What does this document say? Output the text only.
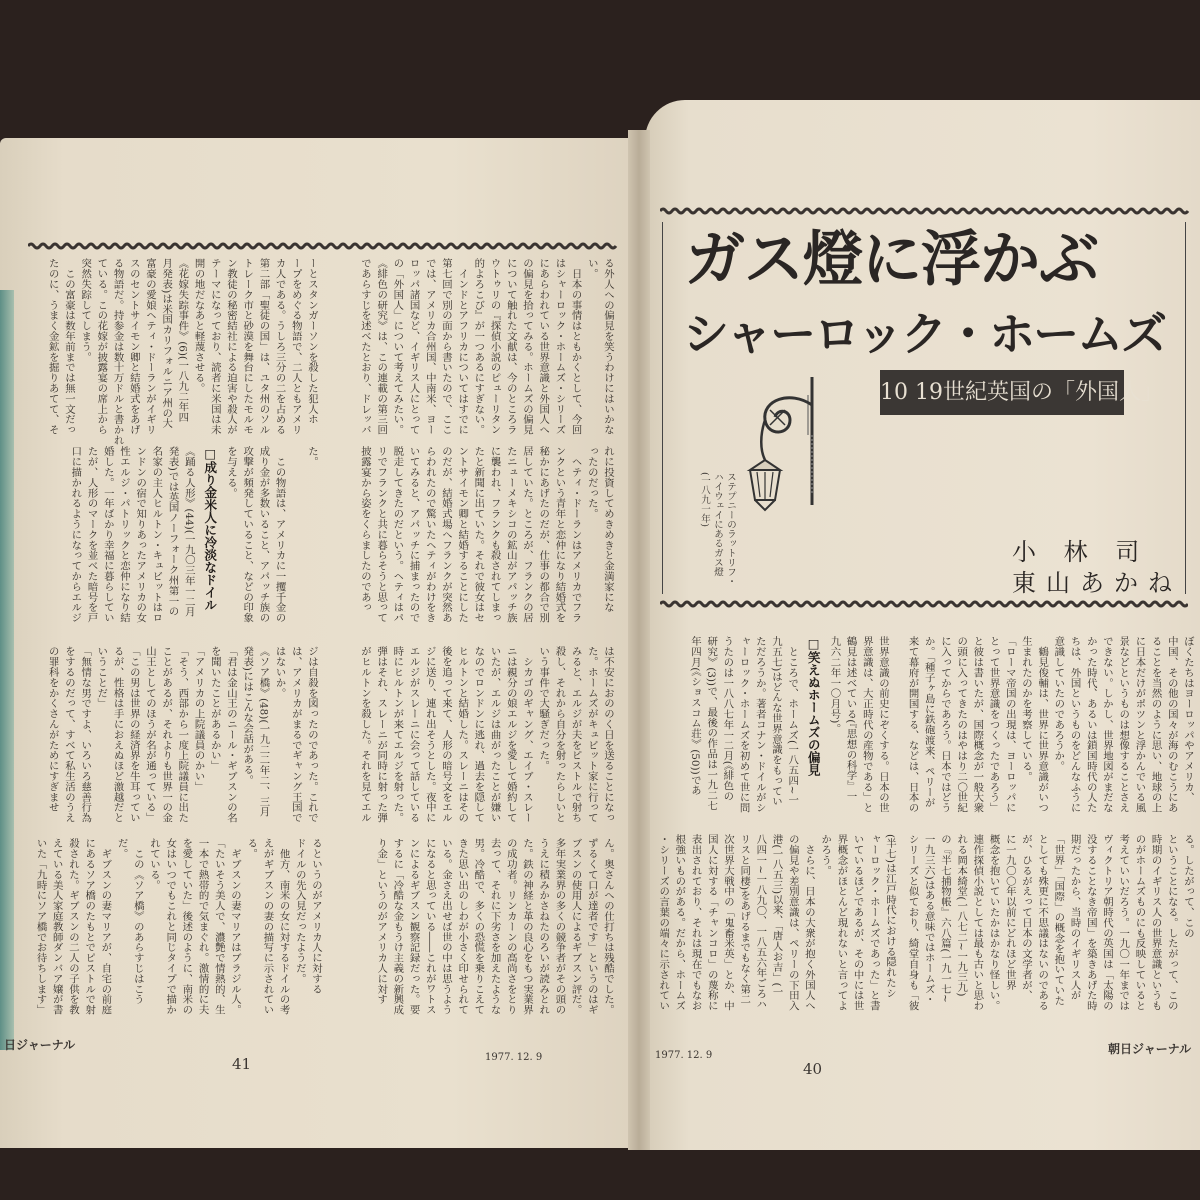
ガス燈に浮かぶ
シャーロック・ホームズ
10 19世紀英国の「外国人」
ステプニーのラットリフ・
ハイウェイにあるガス燈
(一八九一年)
小 林 司
東山あかね
る外人への偏見を笑うわけにはいかな
い。
　日本の事情はともかくとして、今回
はシャーロック・ホームズ・シリーズ
にあらわれている世界意識と外国人へ
の偏見を拾ってみる。ホームズの偏見
について触れた文献は、今のところラ
ウトゥリの『探偵小説のピューリタン
的よろこび』が一つあるにすぎない。
　インドとアフリカについてはすでに
第七回で別の面から書いたので、ここ
では、アメリカ合州国、中南米、ヨー
ロッパ諸国など、イギリス人にとって
の「外国人」について考えてみたい。
《緋色の研究》は、この連載の第三回
であらすじを述べたとおり、ドレッバ
ーとスタンガーソンを殺した犯人ホ
ープをめぐる物語で、二人ともアメリ
カ人である。うしろ三分の二を占める
第二部「聖徒の国」は、ユタ州のソル
トレーク市と砂漠を舞台にしたモルモ
ン教徒の秘密結社による迫害や殺人が
テーマになっており、読者に米国は未
開の地だなあと軽蔑させる。
《花嫁失踪事件》(6)(一八九二年四
月発表)は米国カリフォルニア州の大
富豪の愛娘ヘティ・ドーランがイギリ
スのセントサイモン卿と結婚式をあげ
る物語だ。持参金は数十万ドルと書かれ
ている。この花嫁が披露宴の席上から
突然失踪してしまう。
　この富豪は数年前までは無一文だっ
たのに、うまく金鉱を掘りあてて、そ
れに投資してめきめきと金満家にな
ったのだった。
　ヘティ・ドーランはアメリカでフラ
ンクという青年と恋仲になり結婚式を
秘かにあげたのだが、仕事の都合で別
居していた。ところが、フランクの居
たニューメキシコの鉱山がアパッチ族
に襲われ、フランクも殺されてしまっ
たと新聞に出ていた。それで彼女はセ
ントサイモン卿と結婚することにした
のだが、結婚式場へフランクが突然あ
らわれたので驚いたヘティがわけをき
いてみると、アパッチに捕まったので
脱走してきたのだという。ヘティはパ
リでフランクと共に暮らそうと思って
披露宴から姿をくらましたのであっ
た。

　この物語は、アメリカに一攫千金の
成り金が多数いること、アパッチ族の
攻撃が頻発していること、などの印象
を与える。
□成り金米人に冷淡なドイル
《踊る人形》(44)(一九〇三年一二月
発表)では英国ノーフォーク州第一の
名家の主人ヒルトン・キュビットはロ
ンドンの宿で知りあったアメリカの女
性エルジ・パトリックと恋仲になり結
婚した。一年ばかり幸福に暮らしてい
たが、人形のマークを並べた暗号を戸
口に描かれるようになってからエルジ
は不安におののく日を送ることになっ
た。ホームズがキュビット家に行って
みると、エルジが夫をピストルで射ち
殺し、それから自分を射ったらしいと
いう事件で大騒ぎだった。
　シカゴのギャング、エイブ・スレー
ニは親分の娘エルジを愛して婚約して
いたが、エルジは曲がったことが嫌い
なのでロンドンに逃れ、過去を隠して
ヒルトンと結婚した。スレーニはその
後を追って来て、人形の暗号文をエル
ジに送り、連れ出そうとした。夜中に
エルジがスレーニに会って話している
時にヒルトンが来てエルジを射った。
弾はそれ、スレーニが同時に射った弾
がヒルトンを殺した。それを見てエル
ジは自殺を図ったのであった。これで
は、アメリカがまるでギャング王国で
はないか。
《ソア橋》(48)(一九二二年二、三月
発表)にはこんな会話がある。
「君は金山王のニール・ギブスンの名
を聞いたことがあるかい」
「アメリカの上院議員のかい」
「そう、西部から一度上院議員に出た
ことがあるが、それよりも世界一の金
山王としてのほうが名が通っている」
「この男は世界の経済界を牛耳ってい
るが、性格は手におえぬほど激越だと
いうことだ」
「無情な男ですよ、いろいろ慈善行為
をするのだって、すべて私生活のうえ
の罪科をかくさんがためにすぎませ
ん。奥さんへの仕打ちは残酷でした。
ずるくて口が達者です」というのはギ
ブスンの使用人によるギブスン評だ。
多年実業界の多くの競争者がその頭の
うえに積みかさねたのろいが読みとれ
た。鉄の神経と革の良心をもつ実業界
の成功者。リンカーンの高尚さをとり
去って、それに下劣さを加えたような
男。冷酷で、多くの恐慌を乗りこえて
きた思い出のしわが小さく印せられて
いる。金さえ出せば世の中は思うよう
になると思っている――これがワトス
ンによるギブスン観察記録だった。要
するに「冷酷な金もうけ主義の新興成
り金」というのがアメリカ人に対す
るというのがアメリカ人に対する
ドイルの先入見だったようだ。
　他方、南米の女に対するドイルの考
えがギブスンの妻の描写に示されてい
る。
　ギブスンの妻マリアはブラジル人。
「たいそう美人で、濃艶で情熱的、生
一本で熱帯的で気まぐれ。激情的に夫
を愛していた」後述のように、南米の
女はいつでもこれと同じタイプで描か
れている。
　この《ソア橋》のあらすじはこう
だ。
　ギブスンの妻マリアが、自宅の前庭
にあるソア橋のたもとでピストルで射
殺された。ギブスンの二人の子供を教
えている美人家庭教師ダンバア嬢が書
いた「九時にソア橋でお待ちします」
ぼくたちはヨーロッパやアメリカ、
中国、その他の国々が海のむこうにあ
ることを当然のように思い、地球の上
に日本だけがポツンと浮かんでいる風
景などというものは想像することさえ
できない。しかし、世界地図がまだな
かった時代、あるいは鎖国時代の人た
ちは、外国というものをどんなふうに
意識していたのであろうか。
　鶴見俊輔は、世界に世界意識がいつ
生まれたのかを考察している。
「ローマ帝国の出現は、ヨーロッパに
とって世界意識をつくったであろう」
と彼は書いたが、国際概念が一般大衆
の頭に入ってきたのはやはり二〇世紀
に入ってからであろう。日本ではどう
か。「種子ヶ島に鉄砲渡来、ペリーが
来て幕府が開国する、などは、日本の
世界意識の前史にぞくする。日本の世
界意識は、大正時代の産物である」と
鶴見は述べている(『思想の科学』一
九六二年一〇月号)。
□笑えぬホームズの偏見
　ところで、ホームズ(一八五四~一
九五七)はどんな世界意識をもってい
ただろうか。著者コナン・ドイルがシ
ャーロック・ホームズを初めて世に問
うたのは一八八七年一二月(《緋色の
研究》(3))で、最後の作品は一九二七
年四月(《ショスコム荘》(50))であ
る。したがって、この
ということになる。したがって、この
時期のイギリス人の世界意識というも
のがホームズものにも反映していると
考えていいだろう。一九〇一年までは
ヴィクトリア朝時代の英国は「太陽の
没することなき帝国」を築きあげた時
期だったから、当時のイギリス人が
「世界」「国際」の概念を抱いていた
としても殊更に不思議はないのである
が、ひるがえって日本の文学者が、
に一九〇〇年以前にどれほど世界
概念を抱いていたかはかなり怪しい。
連作探偵小説としては最も古いと思わ
れる岡本綺堂(一八七二~一九三九)
の『半七捕物帳』六八篇(一九一七~
一九三六)はある意味ではホームズ・
シリーズと似ており、綺堂自身も「彼
(半七)は江戸時代における隠れたシ
ャーロック・ホームズであった」と書
いているほどであるが、その中には世
界概念がほとんど現れないと言ってよ
かろう。
　さらに、日本の大衆が抱く外国人へ
の偏見や差別意識は、ペリーの下田入
港(一八五三)以来、「唐人お吉」(一
八四一~一八九〇、一八五六年ごろハ
リスと同棲)をあげるまでもなく第二
次世界大戦中の「鬼畜米英」とか、中
国人に対する「チャンコロ」の蔑称に
表出されており、それは現在でもなお
根強いものがある。だから、ホームズ
・シリーズの言葉の端々に示されてい
日ジャーナル
41	1977. 12. 9	1977. 12. 9
40
朝日ジャーナル
